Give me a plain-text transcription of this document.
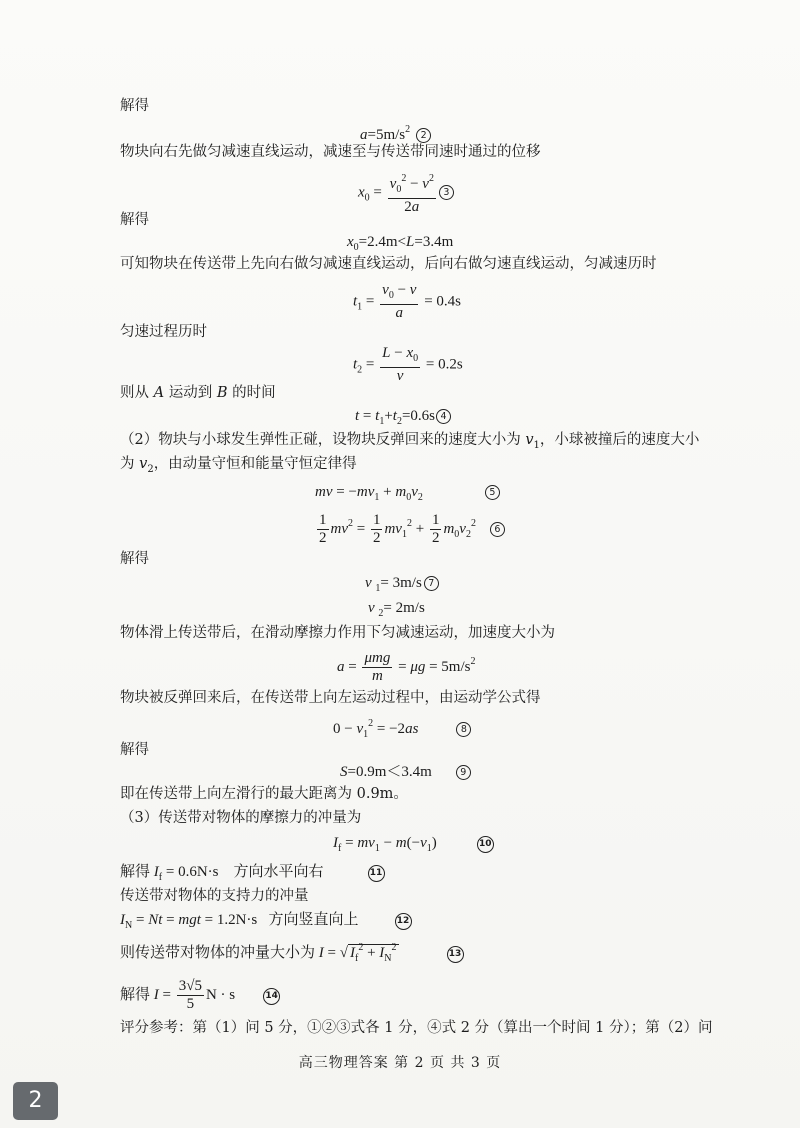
解得
$a=5m/s^22$
物块向右先做匀减速直线运动，减速至与传送带同速时通过的位移
$x_0 = \frac{v_0^2 - v^2}{2a} 3$
解得
$x_0=2.4m<L=3.4m$
可知物块在传送带上先向右做匀减速直线运动，后向右做匀速直线运动，匀减速历时
$t_1 = \frac{v_0 - v}{a} = 0.4s$
匀速过程历时
$t_2 = \frac{L - x_0}{v} = 0.2s$
则从 A 运动到 B 的时间
$t = t_1+t_2=0.6s$ 4
（2）物块与小球发生弹性正碰，设物块反弹回来的速度大小为 $v_1$，小球被撞后的速度大小
为 $v_2$，由动量守恒和能量守恒定律得
mv = $-mv_1 + m_0v_2$	5
$\frac{1}{2} mv^2 = \frac{1}{2} mv_1^2 + \frac{1}{2} m_0v_2^26$
解得
v $_1$= 3m/s 7
v $_2$= 2m/s
物体滑上传送带后，在滑动摩擦力作用下匀减速运动，加速度大小为
$a = \frac{\text{μmg}}{m} = \mu g = 5m/s^2$
物块被反弹回来后，在传送带上向左运动过程中，由运动学公式得
$0 - v_1^2 = -2as$	8
解得
S=0.9m＜3.4m	9
即在传送带上向左滑行的最大距离为 0.9m。
（3）传送带对物体的摩擦力的冲量为
$I_f = mv_1 - m(-v_1)$	10
解得 $I_f = 0.6N\cdot s$    方向水平向右	11
传送带对物体的支持力的冲量
$I_N = Nt$ = mgt = 1.2N·s   方向竖直向上	12
则传送带对物体的冲量大小为 I = √ $I_f^2 + I_N^213$
解得 $I = \frac{3√5}{5}$ N · s	14
评分参考：第（1）问 5 分，①②③式各 1 分，④式 2 分（算出一个时间 1 分）；第（2）问
高三物理答案 第 2 页 共 3 页
2
